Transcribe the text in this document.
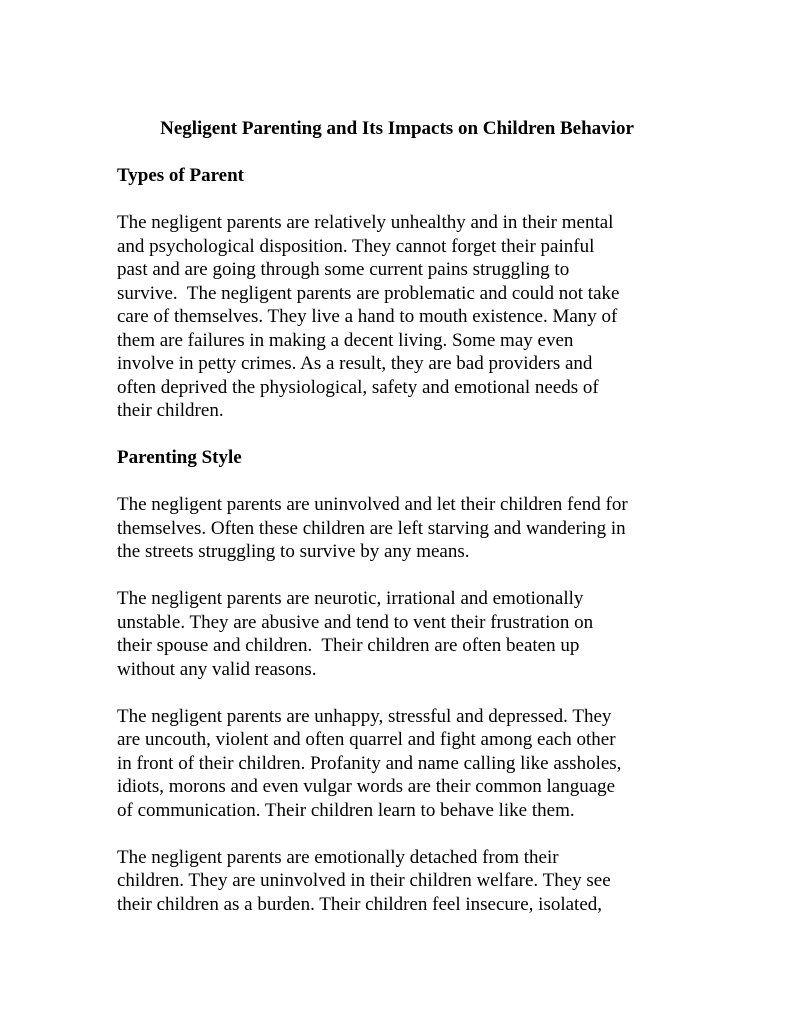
Negligent Parenting and Its Impacts on Children Behavior
Types of Parent
The negligent parents are relatively unhealthy and in their mental
and psychological disposition. They cannot forget their painful
past and are going through some current pains struggling to
survive.  The negligent parents are problematic and could not take
care of themselves. They live a hand to mouth existence. Many of
them are failures in making a decent living. Some may even
involve in petty crimes. As a result, they are bad providers and
often deprived the physiological, safety and emotional needs of
their children.
Parenting Style
The negligent parents are uninvolved and let their children fend for
themselves. Often these children are left starving and wandering in
the streets struggling to survive by any means.
The negligent parents are neurotic, irrational and emotionally
unstable. They are abusive and tend to vent their frustration on
their spouse and children.  Their children are often beaten up
without any valid reasons.
The negligent parents are unhappy, stressful and depressed. They
are uncouth, violent and often quarrel and fight among each other
in front of their children. Profanity and name calling like assholes,
idiots, morons and even vulgar words are their common language
of communication. Their children learn to behave like them.
The negligent parents are emotionally detached from their
children. They are uninvolved in their children welfare. They see
their children as a burden. Their children feel insecure, isolated,
